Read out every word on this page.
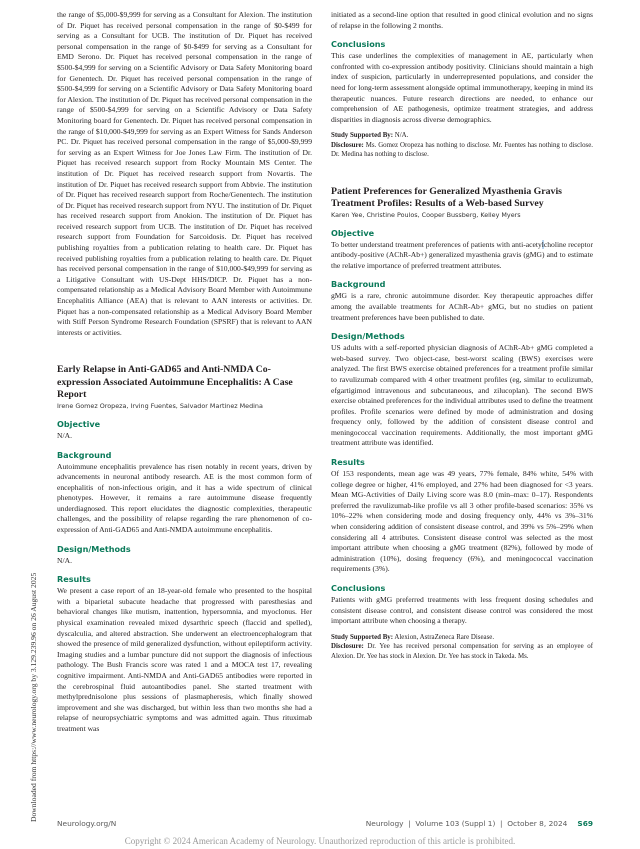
Downloaded from https://www.neurology.org by 3.129.239.96 on 26 August 2025

the range of $5,000-$9,999 for serving as a Consultant for Alexion. The institution of Dr. Piquet has received personal compensation in the range of $0-$499 for serving as a Consultant for UCB. The institution of Dr. Piquet has received personal compensation in the range of $0-$499 for serving as a Consultant for EMD Serono. Dr. Piquet has received personal compensation in the range of $500-$4,999 for serving on a Scientific Advisory or Data Safety Monitoring board for Genentech. Dr. Piquet has received personal compensation in the range of $500-$4,999 for serving on a Scientific Advisory or Data Safety Monitoring board for Alexion. The institution of Dr. Piquet has received personal compensation in the range of $500-$4,999 for serving on a Scientific Advisory or Data Safety Monitoring board for Genentech. Dr. Piquet has received personal compensation in the range of $10,000-$49,999 for serving as an Expert Witness for Sands Anderson PC. Dr. Piquet has received personal compensation in the range of $5,000-$9,999 for serving as an Expert Witness for Joe Jones Law Firm. The institution of Dr. Piquet has received research support from Rocky Mountain MS Center. The institution of Dr. Piquet has received research support from Novartis. The institution of Dr. Piquet has received research support from Abbvie. The institution of Dr. Piquet has received research support from Roche/Genentech. The institution of Dr. Piquet has received research support from NYU. The institution of Dr. Piquet has received research support from Anokion. The institution of Dr. Piquet has received research support from UCB. The institution of Dr. Piquet has received research support from Foundation for Sarcoidosis. Dr. Piquet has received publishing royalties from a publication relating to health care. Dr. Piquet has received publishing royalties from a publication relating to health care. Dr. Piquet has received personal compensation in the range of $10,000-$49,999 for serving as a Litigative Consultant with US-Dept HHS/DICP. Dr. Piquet has a non-compensated relationship as a Medical Advisory Board Member with Autoimmune Encephalitis Alliance (AEA) that is relevant to AAN interests or activities. Dr. Piquet has a non-compensated relationship as a Medical Advisory Board Member with Stiff Person Syndrome Research Foundation (SPSRF) that is relevant to AAN interests or activities.

Early Relapse in Anti-GAD65 and Anti-NMDA Co-expression Associated Autoimmune Encephalitis: A Case Report

Irene Gomez Oropeza, Irving Fuentes, Salvador Martinez Medina

Objective

N/A.

Background

Autoimmune encephalitis prevalence has risen notably in recent years, driven by advancements in neuronal antibody research. AE is the most common form of encephalitis of non-infectious origin, and it has a wide spectrum of clinical phenotypes. However, it remains a rare autoimmune disease frequently underdiagnosed. This report elucidates the diagnostic complexities, therapeutic challenges, and the possibility of relapse regarding the rare phenomenon of co-expression of Anti-GAD65 and Anti-NMDA autoimmune encephalitis.

Design/Methods

N/A.

Results

We present a case report of an 18-year-old female who presented to the hospital with a biparietal subacute headache that progressed with paresthesias and behavioral changes like mutism, inattention, hypersomnia, and myoclonus. Her physical examination revealed mixed dysarthric speech (flaccid and spelled), dyscalculia, and altered abstraction. She underwent an electroencephalogram that showed the presence of mild generalized dysfunction, without epileptiform activity. Imaging studies and a lumbar puncture did not support the diagnosis of infectious pathology. The Bush Francis score was rated 1 and a MOCA test 17, revealing cognitive impairment. Anti-NMDA and Anti-GAD65 antibodies were reported in the cerebrospinal fluid autoantibodies panel. She started treatment with methylprednisolone plus sessions of plasmapheresis, which finally showed improvement and she was discharged, but within less than two months she had a relapse of neuropsychiatric symptoms and was admitted again. Thus rituximab treatment was

initiated as a second-line option that resulted in good clinical evolution and no signs of relapse in the following 2 months.

Conclusions

This case underlines the complexities of management in AE, particularly when confronted with co-expression antibody positivity. Clinicians should maintain a high index of suspicion, particularly in underrepresented populations, and consider the need for long-term assessment alongside optimal immunotherapy, keeping in mind its therapeutic nuances. Future research directions are needed, to enhance our comprehension of AE pathogenesis, optimize treatment strategies, and address disparities in diagnosis across diverse demographics.

Study Supported By: N/A.

Disclosure: Ms. Gomez Oropeza has nothing to disclose. Mr. Fuentes has nothing to disclose. Dr. Medina has nothing to disclose.

Patient Preferences for Generalized Myasthenia Gravis Treatment Profiles: Results of a Web-based Survey

Karen Yee, Christine Poulos, Cooper Bussberg, Kelley Myers

Objective

To better understand treatment preferences of patients with anti-acetylcholine receptor antibody-positive (AChR-Ab+) generalized myasthenia gravis (gMG) and to estimate the relative importance of preferred treatment attributes.

Background

gMG is a rare, chronic autoimmune disorder. Key therapeutic approaches differ among the available treatments for AChR-Ab+ gMG, but no studies on patient treatment preferences have been published to date.

Design/Methods

US adults with a self-reported physician diagnosis of AChR-Ab+ gMG completed a web-based survey. Two object-case, best-worst scaling (BWS) exercises were analyzed. The first BWS exercise obtained preferences for a treatment profile similar to ravulizumab compared with 4 other treatment profiles (eg, similar to eculizumab, efgartigimod intravenous and subcutaneous, and zilucoplan). The second BWS exercise obtained preferences for the individual attributes used to define the treatment profiles. Profile scenarios were defined by mode of administration and dosing frequency only, followed by the addition of consistent disease control and meningococcal vaccination requirements. Additionally, the most important gMG treatment attribute was identified.

Results

Of 153 respondents, mean age was 49 years, 77% female, 84% white, 54% with college degree or higher, 41% employed, and 27% had been diagnosed for <3 years. Mean MG-Activities of Daily Living score was 8.0 (min–max: 0–17). Respondents preferred the ravulizumab-like profile vs all 3 other profile-based scenarios: 35% vs 10%–22% when considering mode and dosing frequency only, 44% vs 3%–31% when considering addition of consistent disease control, and 39% vs 5%–29% when considering all 4 attributes. Consistent disease control was selected as the most important attribute when choosing a gMG treatment (82%), followed by mode of administration (10%), dosing frequency (6%), and meningococcal vaccination requirements (3%).

Conclusions

Patients with gMG preferred treatments with less frequent dosing schedules and consistent disease control, and consistent disease control was considered the most important attribute when choosing a therapy.

Study Supported By: Alexion, AstraZeneca Rare Disease.

Disclosure: Dr. Yee has received personal compensation for serving as an employee of Alexion. Dr. Yee has stock in Alexion. Dr. Yee has stock in Takeda. Ms.

Neurology.org/N	Neurology  |  Volume 103 (Suppl 1)  |  October 8, 2024 S69
Copyright © 2024 American Academy of Neurology. Unauthorized reproduction of this article is prohibited.
